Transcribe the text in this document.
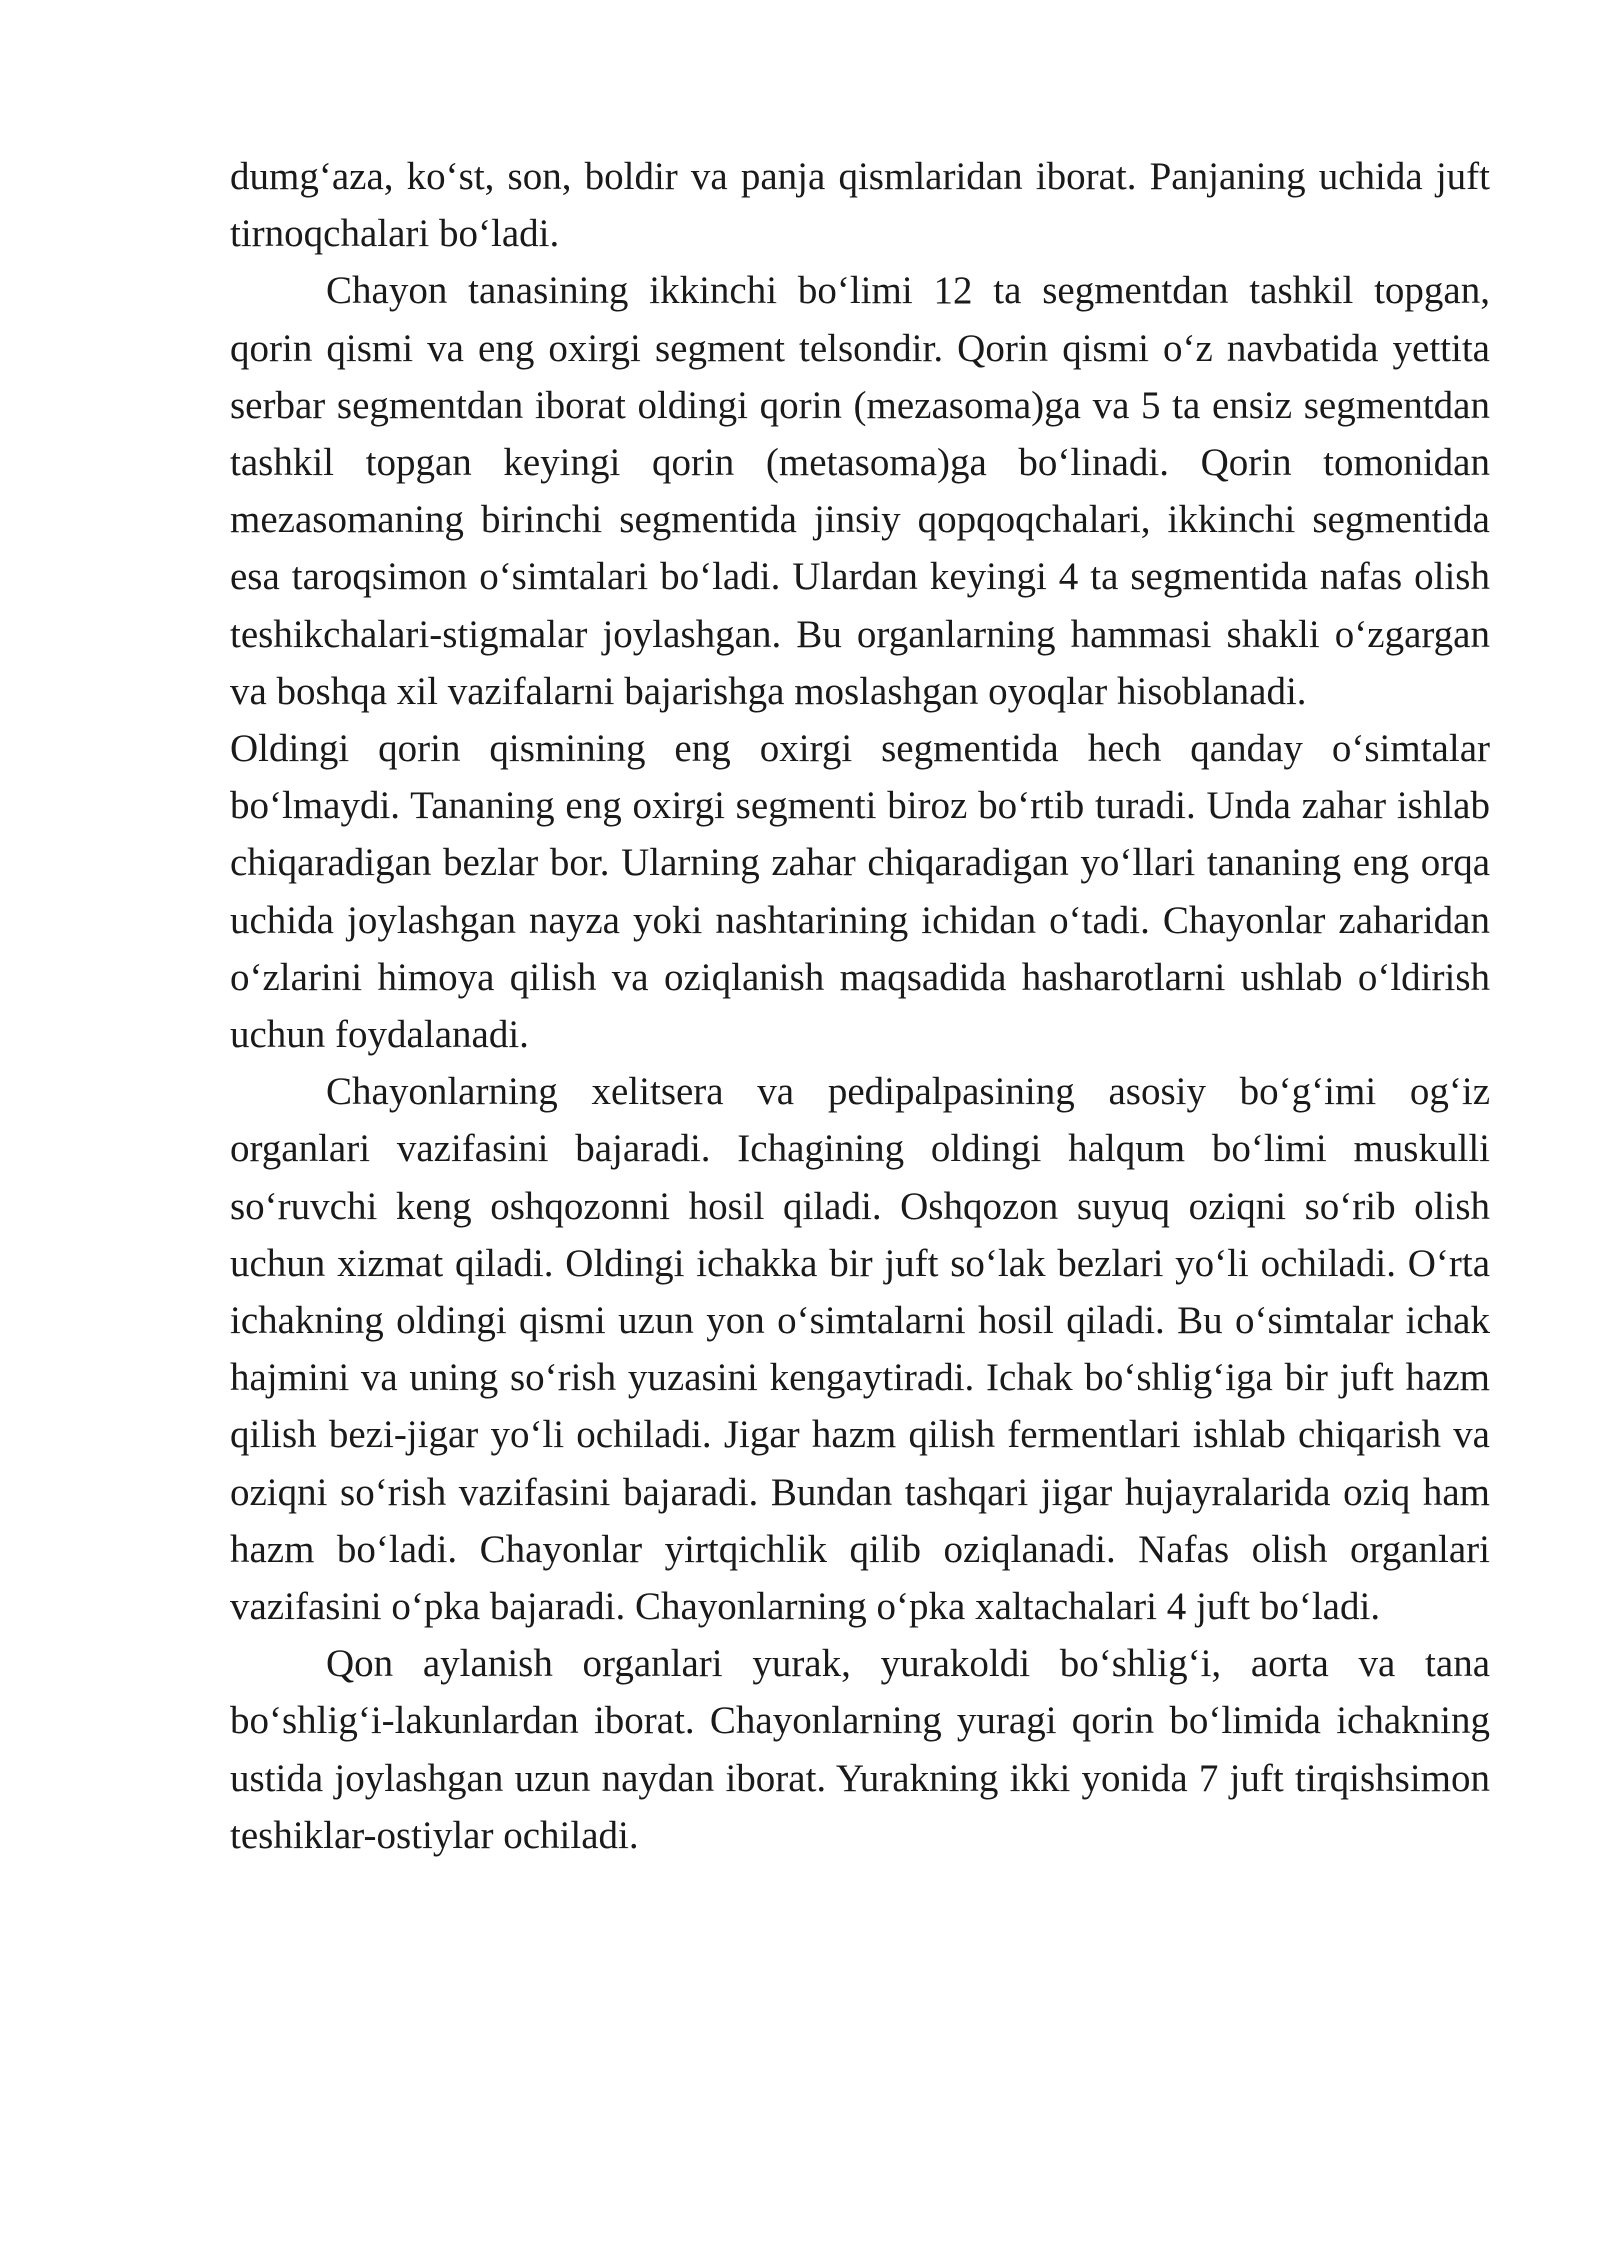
dumg‘aza, ko‘st, son, boldir va panja qismlaridan iborat. Panjaning uchida juft tirnoqchalari bo‘ladi.

Chayon tanasining ikkinchi bo‘limi 12 ta segmentdan tashkil topgan, qorin qismi va eng oxirgi segment telsondir. Qorin qismi o‘z navbatida yettita serbar segmentdan iborat oldingi qorin (mezasoma)ga va 5 ta ensiz segmentdan tashkil topgan keyingi qorin (metasoma)ga bo‘linadi. Qorin tomonidan mezasomaning birinchi segmentida jinsiy qopqoqchalari, ikkinchi segmentida esa taroqsimon o‘simtalari bo‘ladi. Ulardan keyingi 4 ta segmentida nafas olish teshikchalari-stigmalar joylashgan. Bu organlarning hammasi shakli o‘zgargan va boshqa xil vazifalarni bajarishga moslashgan oyoqlar hisoblanadi.

Oldingi qorin qismining eng oxirgi segmentida hech qanday o‘simtalar bo‘lmaydi. Tananing eng oxirgi segmenti biroz bo‘rtib turadi. Unda zahar ishlab chiqaradigan bezlar bor. Ularning zahar chiqaradigan yo‘llari tananing eng orqa uchida joylashgan nayza yoki nashtarining ichidan o‘tadi. Chayonlar zaharidan o‘zlarini himoya qilish va oziqlanish maqsadida hasharotlarni ushlab o‘ldirish uchun foydalanadi.

Chayonlarning xelitsera va pedipalpasining asosiy bo‘g‘imi og‘iz organlari vazifasini bajaradi. Ichagining oldingi halqum bo‘limi muskulli so‘ruvchi keng oshqozonni hosil qiladi. Oshqozon suyuq oziqni so‘rib olish uchun xizmat qiladi. Oldingi ichakka bir juft so‘lak bezlari yo‘li ochiladi. O‘rta ichakning oldingi qismi uzun yon o‘simtalarni hosil qiladi. Bu o‘simtalar ichak hajmini va uning so‘rish yuzasini kengaytiradi. Ichak bo‘shlig‘iga bir juft hazm qilish bezi-jigar yo‘li ochiladi. Jigar hazm qilish fermentlari ishlab chiqarish va oziqni so‘rish vazifasini bajaradi. Bundan tashqari jigar hujayralarida oziq ham hazm bo‘ladi. Chayonlar yirtqichlik qilib oziqlanadi. Nafas olish organlari vazifasini o‘pka bajaradi. Chayonlarning o‘pka xaltachalari 4 juft bo‘ladi.

Qon aylanish organlari yurak, yurakoldi bo‘shlig‘i, aorta va tana bo‘shlig‘i-lakunlardan iborat. Chayonlarning yuragi qorin bo‘limida ichakning ustida joylashgan uzun naydan iborat. Yurakning ikki yonida 7 juft tirqishsimon teshiklar-ostiylar ochiladi.
